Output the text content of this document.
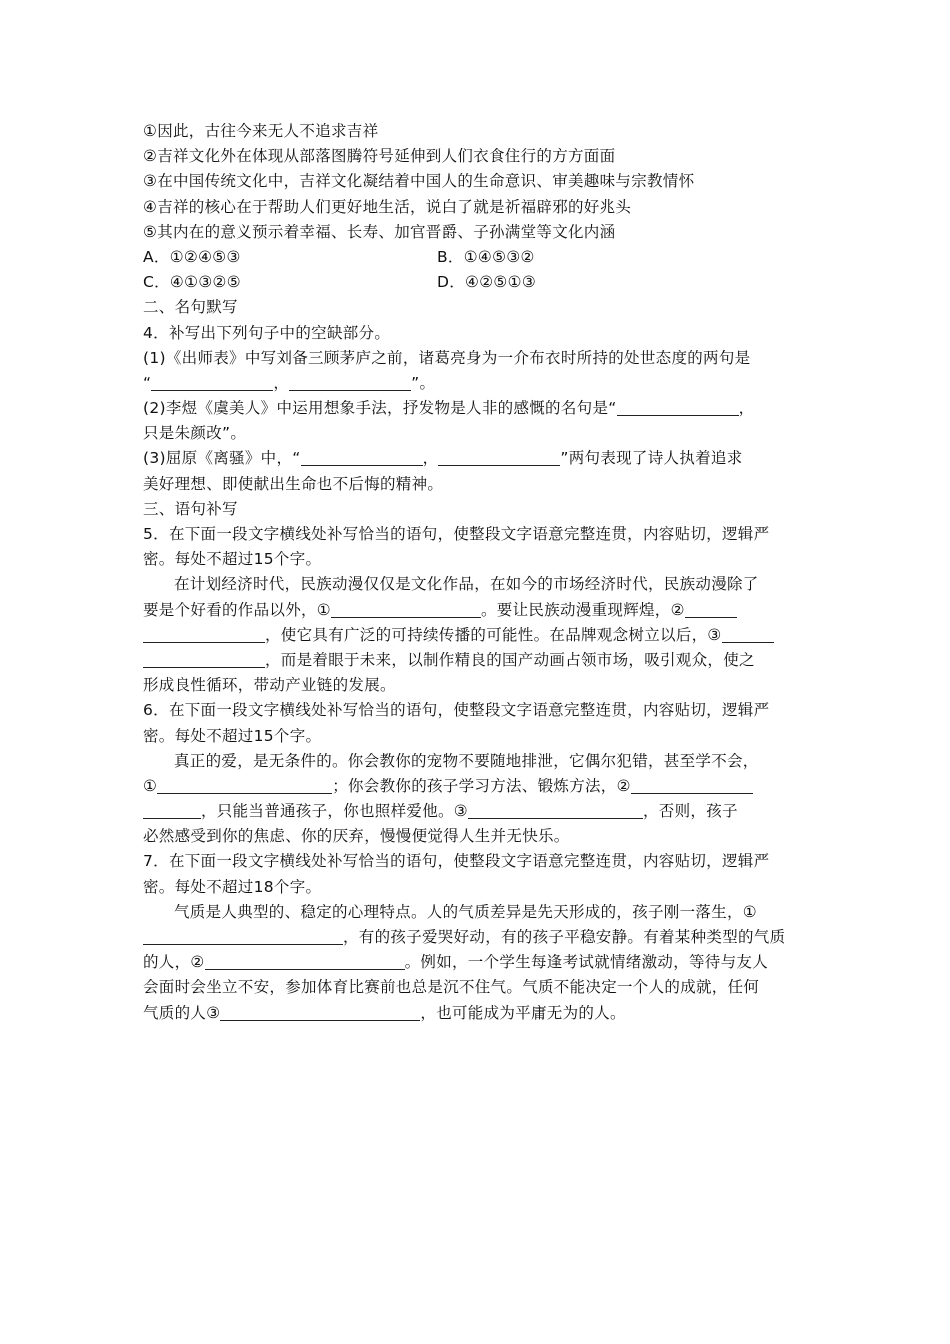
①因此，古往今来无人不追求吉祥
②吉祥文化外在体现从部落图腾符号延伸到人们衣食住行的方方面面
③在中国传统文化中，吉祥文化凝结着中国人的生命意识、审美趣味与宗教情怀
④吉祥的核心在于帮助人们更好地生活，说白了就是祈福辟邪的好兆头
⑤其内在的意义预示着幸福、长寿、加官晋爵、子孙满堂等文化内涵
A．①②④⑤③	B．①④⑤③②
C．④①③②⑤	D．④②⑤①③
二、名句默写
4．补写出下列句子中的空缺部分。
(1)《出师表》中写刘备三顾茅庐之前，诸葛亮身为一介布衣时所持的处世态度的两句是
“	，	”。
(2)李煜《虞美人》中运用想象手法，抒发物是人非的感慨的名句是“	，
只是朱颜改”。
(3)屈原《离骚》中，“	，	”两句表现了诗人执着追求
美好理想、即使献出生命也不后悔的精神。
三、语句补写
5．在下面一段文字横线处补写恰当的语句，使整段文字语意完整连贯，内容贴切，逻辑严
密。每处不超过15个字。
在计划经济时代，民族动漫仅仅是文化作品，在如今的市场经济时代，民族动漫除了
要是个好看的作品以外，①	。要让民族动漫重现辉煌，②
，使它具有广泛的可持续传播的可能性。在品牌观念树立以后，③
，而是着眼于未来，以制作精良的国产动画占领市场，吸引观众，使之
形成良性循环，带动产业链的发展。
6．在下面一段文字横线处补写恰当的语句，使整段文字语意完整连贯，内容贴切，逻辑严
密。每处不超过15个字。
真正的爱，是无条件的。你会教你的宠物不要随地排泄，它偶尔犯错，甚至学不会，
①	；你会教你的孩子学习方法、锻炼方法，②
，只能当普通孩子，你也照样爱他。③	，否则，孩子
必然感受到你的焦虑、你的厌弃，慢慢便觉得人生并无快乐。
7．在下面一段文字横线处补写恰当的语句，使整段文字语意完整连贯，内容贴切，逻辑严
密。每处不超过18个字。
气质是人典型的、稳定的心理特点。人的气质差异是先天形成的，孩子刚一落生，①
，有的孩子爱哭好动，有的孩子平稳安静。有着某种类型的气质
的人，②	。例如，一个学生每逢考试就情绪激动，等待与友人
会面时会坐立不安，参加体育比赛前也总是沉不住气。气质不能决定一个人的成就，任何
气质的人③	，也可能成为平庸无为的人。
